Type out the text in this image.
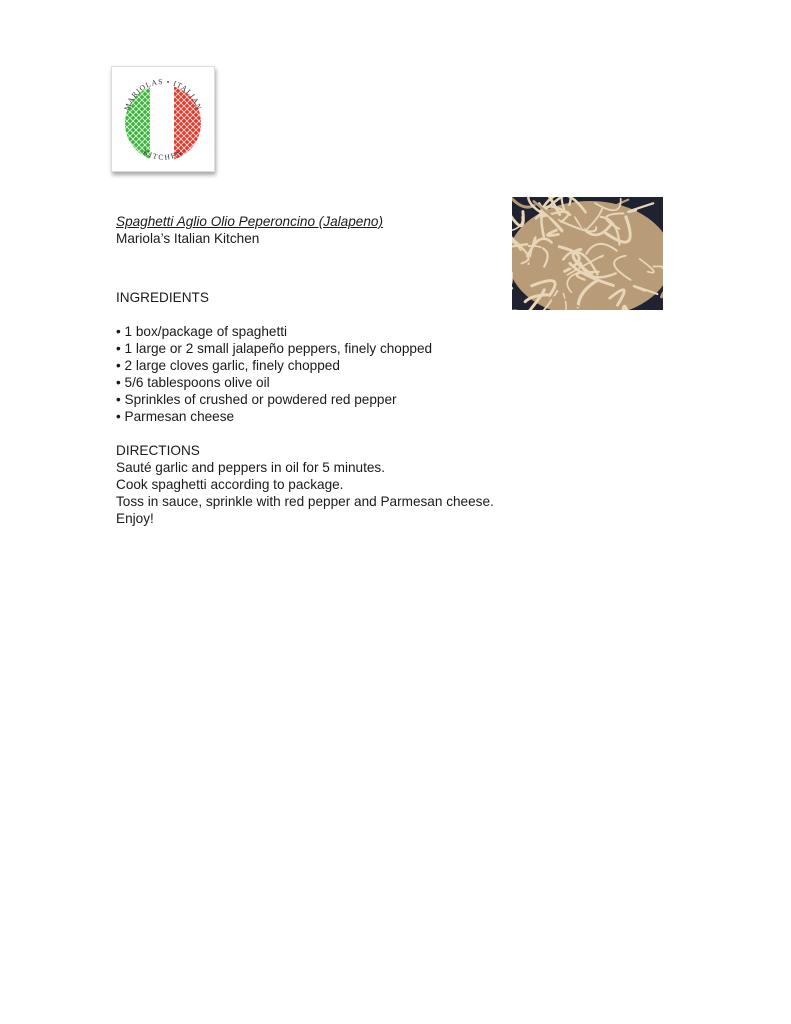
MARIOLAS • ITALIAN
KITCHEN

Spaghetti Aglio Olio Peperoncino (Jalapeno)

Mariola’s Italian Kitchen

INGREDIENTS

• 1 box/package of spaghetti
• 1 large or 2 small jalapeño peppers, finely chopped
• 2 large cloves garlic, finely chopped
• 5/6 tablespoons olive oil
• Sprinkles of crushed or powdered red pepper
• Parmesan cheese

DIRECTIONS

Sauté garlic and peppers in oil for 5 minutes.

Cook spaghetti according to package.

Toss in sauce, sprinkle with red pepper and Parmesan cheese.

Enjoy!
